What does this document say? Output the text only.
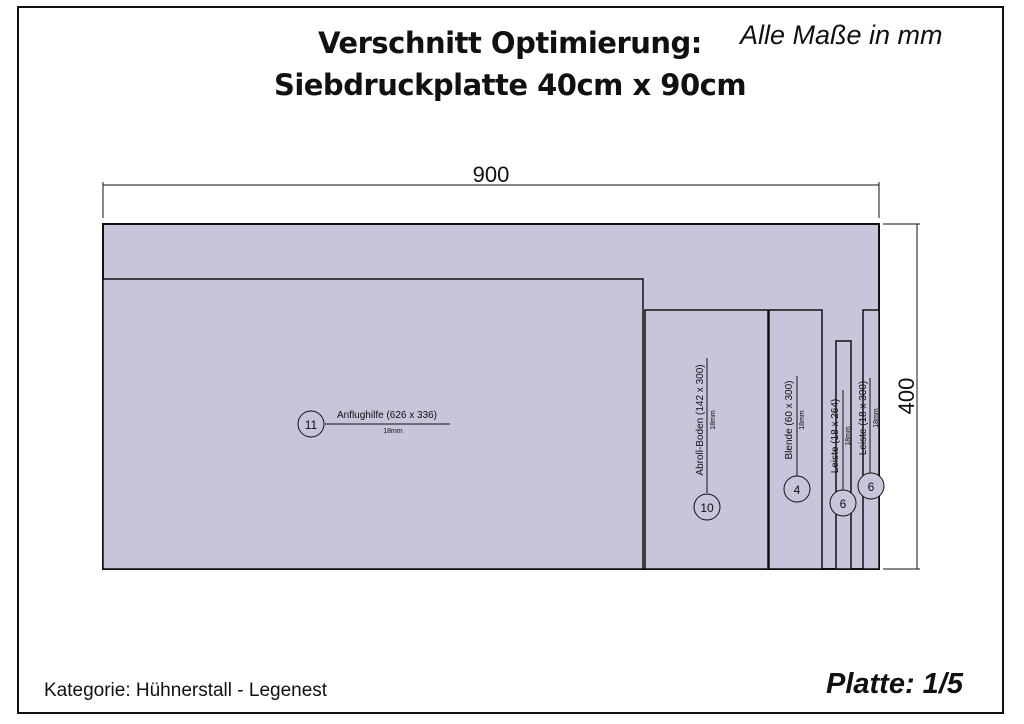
Verschnitt Optimierung:
Siebdruckplatte 40cm x 90cm
Alle Maße in mm
900
400
11
Anflughilfe (626 x 336)
18mm
10
Abroll-Boden (142 x 300) 18mm
4
Blende (60 x 300) 18mm
6
Leiste (18 x 264) 18mm
6
Leiste (18 x 300) 18mm
Kategorie: Hühnerstall - Legenest	Platte: 1/5
